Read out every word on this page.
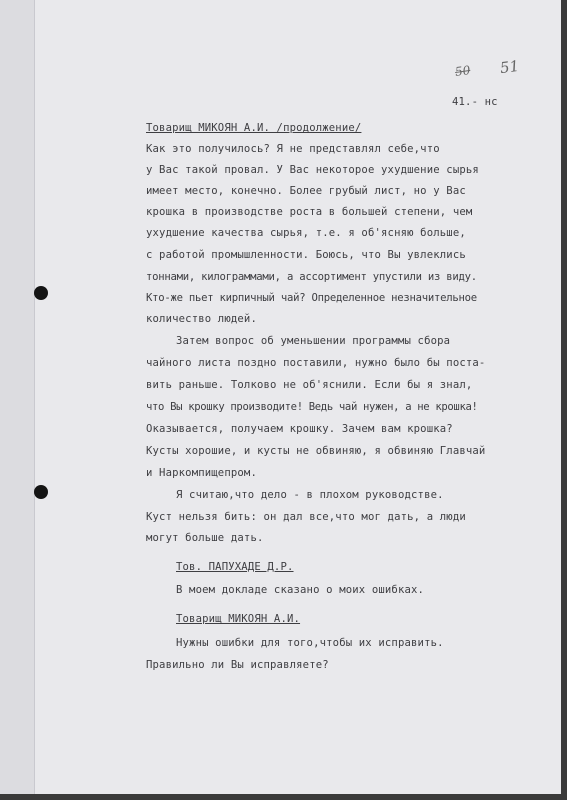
50 51
41.- нс
Товарищ МИКОЯН А.И. /продолжение/
Как это получилось? Я не представлял себе,что
у Вас такой провал. У Вас некоторое ухудшение сырья
имеет место, конечно. Более грубый лист, но у Вас
крошка в производстве роста в большей степени, чем
ухудшение качества сырья, т.е. я об'ясняю больше,
с работой промышленности. Боюсь, что Вы увлеклись
тоннами, килограммами, а ассортимент упустили из виду.
Кто-же пьет кирпичный чай? Определенное незначительное
количество людей.
Затем вопрос об уменьшении программы сбора
чайного листа поздно поставили, нужно было бы поста-
вить раньше. Толково не об'яснили. Если бы я знал,
что Вы крошку производите! Ведь чай нужен, а не крошка!
Оказывается, получаем крошку. Зачем вам крошка?
Кусты хорошие, и кусты не обвиняю, я обвиняю Главчай
и Наркомпищепром.
Я считаю,что дело - в плохом руководстве.
Куст нельзя бить: он дал все,что мог дать, а люди
могут больше дать.
Тов. ПАПУХАДЕ Д.Р.
В моем докладе сказано о моих ошибках.
Товарищ МИКОЯН А.И.
Нужны ошибки для того,чтобы их исправить.
Правильно ли Вы исправляете?
